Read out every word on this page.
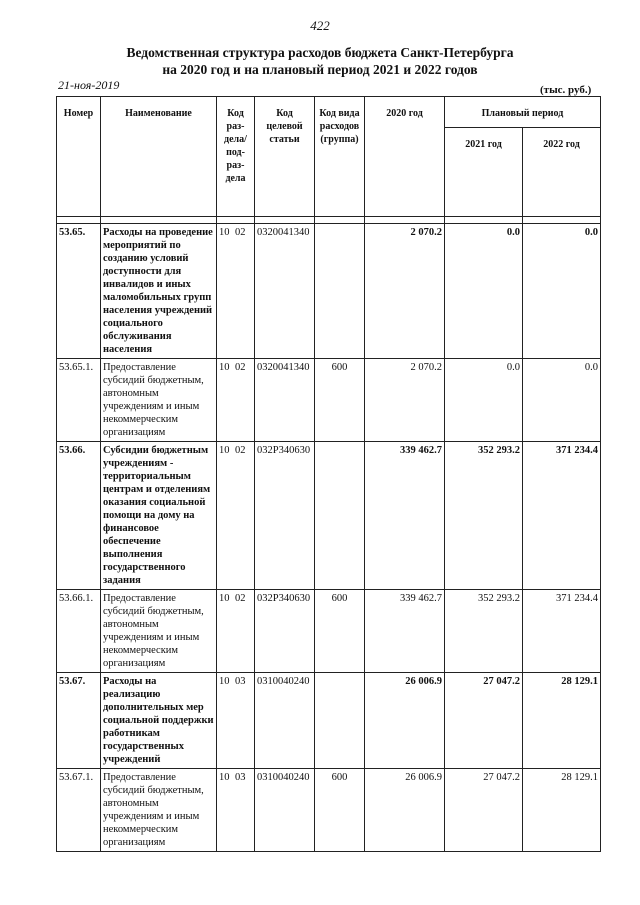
422
Ведомственная структура расходов бюджета Санкт-Петербурга
на 2020 год и на плановый период 2021 и 2022 годов
21-ноя-2019	(тыс. руб.)
Номер	Наименование	Код раз-дела/ под-раз-дела	Код целевой статьи	Код вида расходов (группа)	2020 год	Плановый период	
						2021 год	2022 год

53.65.	Расходы на проведение мероприятий по созданию условий доступности для инвалидов и иных маломобильных групп населения учреждений социального обслуживания населения	10 02	0320041340		2 070.2	0.0	0.0
53.65.1.	Предоставление субсидий бюджетным, автономным учреждениям и иным некоммерческим организациям	10 02	0320041340	600	2 070.2	0.0	0.0
53.66.	Субсидии бюджетным учреждениям - территориальным центрам и отделениям оказания социальной помощи на дому на финансовое обеспечение выполнения государственного задания	10 02	032P340630		339 462.7	352 293.2	371 234.4
53.66.1.	Предоставление субсидий бюджетным, автономным учреждениям и иным некоммерческим организациям	10 02	032P340630	600	339 462.7	352 293.2	371 234.4
53.67.	Расходы на реализацию дополнительных мер социальной поддержки работникам государственных учреждений	10 03	0310040240		26 006.9	27 047.2	28 129.1
53.67.1.	Предоставление субсидий бюджетным, автономным учреждениям и иным некоммерческим организациям	10 03	0310040240	600	26 006.9	27 047.2	28 129.1
